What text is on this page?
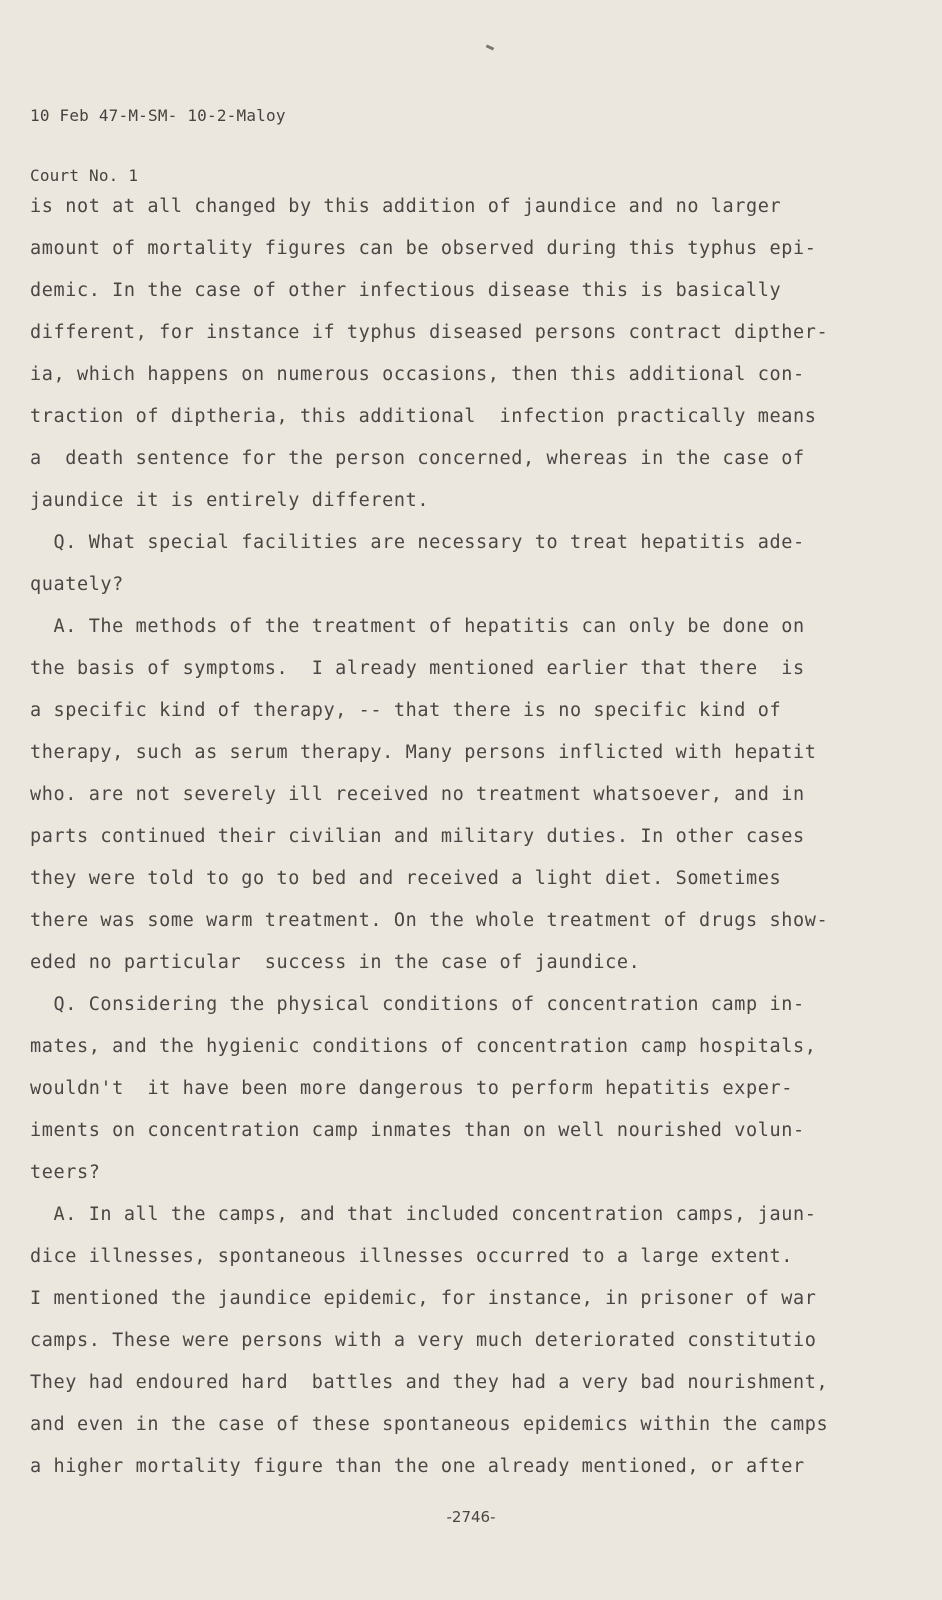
10 Feb 47-M-SM- 10-2-Maloy

Court No. 1

is not at all changed by this addition of jaundice and no larger
amount of mortality figures can be observed during this typhus epi-
demic. In the case of other infectious disease this is basically
different, for instance if typhus diseased persons contract dipther-
ia, which happens on numerous occasions, then this additional con-
traction of diptheria, this additional  infection practically means
a  death sentence for the person concerned, whereas in the case of
jaundice it is entirely different.
Q. What special facilities are necessary to treat hepatitis ade-
quately?
A. The methods of the treatment of hepatitis can only be done on
the basis of symptoms.  I already mentioned earlier that there  is
a specific kind of therapy, -- that there is no specific kind of
therapy, such as serum therapy. Many persons inflicted with hepatit
who. are not severely ill received no treatment whatsoever, and in
parts continued their civilian and military duties. In other cases
they were told to go to bed and received a light diet. Sometimes
there was some warm treatment. On the whole treatment of drugs show-
eded no particular  success in the case of jaundice.
Q. Considering the physical conditions of concentration camp in-
mates, and the hygienic conditions of concentration camp hospitals,
wouldn't  it have been more dangerous to perform hepatitis exper-
iments on concentration camp inmates than on well nourished volun-
teers?
A. In all the camps, and that included concentration camps, jaun-
dice illnesses, spontaneous illnesses occurred to a large extent.
I mentioned the jaundice epidemic, for instance, in prisoner of war
camps. These were persons with a very much deteriorated constitutio
They had endoured hard  battles and they had a very bad nourishment,
and even in the case of these spontaneous epidemics within the camps
a higher mortality figure than the one already mentioned, or after
-2746-
